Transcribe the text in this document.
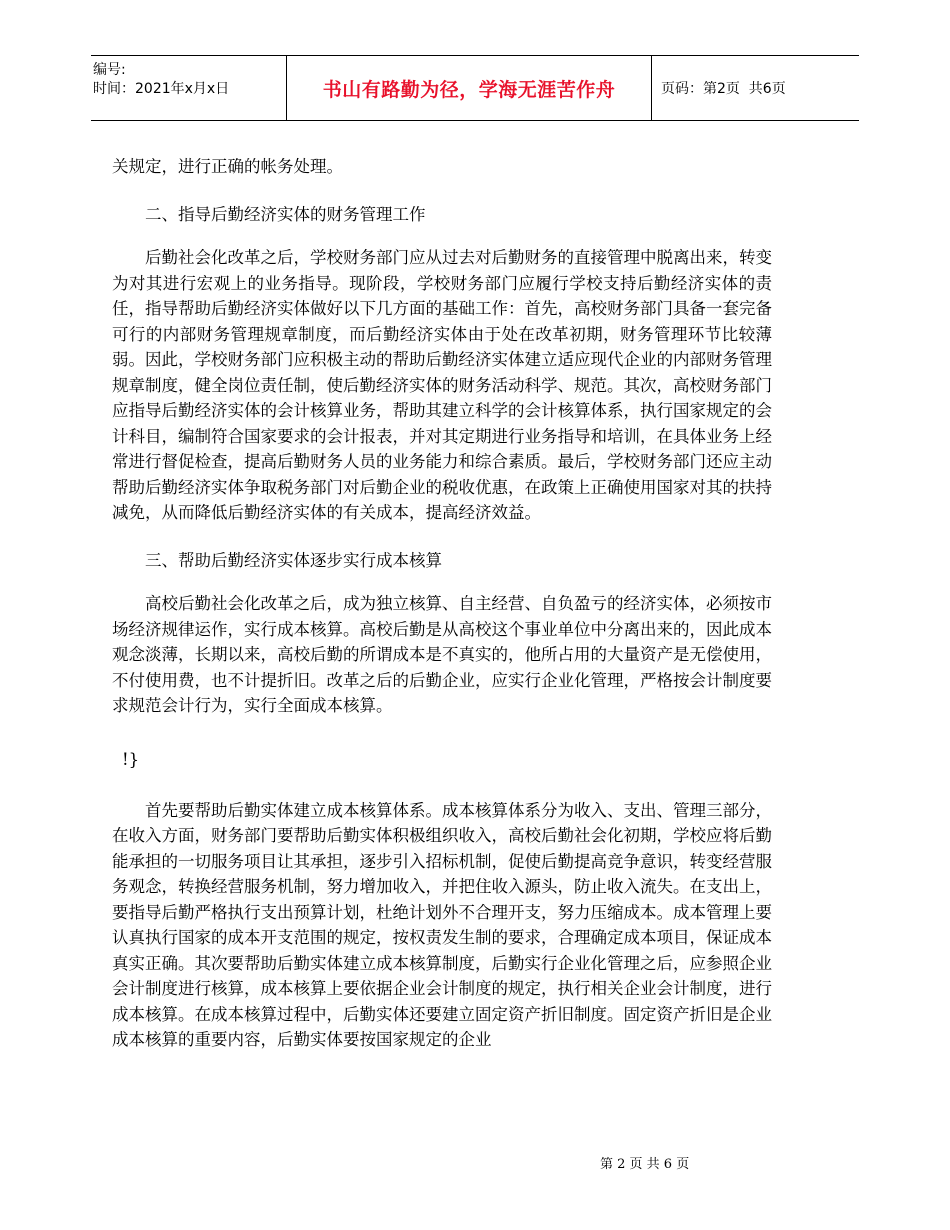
编号:
时间：2021年x月x日	书山有路勤为径，学海无涯苦作舟	页码：第2页  共6页

关规定，进行正确的帐务处理。

二、指导后勤经济实体的财务管理工作

后勤社会化改革之后，学校财务部门应从过去对后勤财务的直接管理中脱离出来，转变为对其进行宏观上的业务指导。现阶段，学校财务部门应履行学校支持后勤经济实体的责任，指导帮助后勤经济实体做好以下几方面的基础工作：首先，高校财务部门具备一套完备可行的内部财务管理规章制度，而后勤经济实体由于处在改革初期，财务管理环节比较薄弱。因此，学校财务部门应积极主动的帮助后勤经济实体建立适应现代企业的内部财务管理规章制度，健全岗位责任制，使后勤经济实体的财务活动科学、规范。其次，高校财务部门应指导后勤经济实体的会计核算业务，帮助其建立科学的会计核算体系，执行国家规定的会计科目，编制符合国家要求的会计报表，并对其定期进行业务指导和培训，在具体业务上经常进行督促检查，提高后勤财务人员的业务能力和综合素质。最后，学校财务部门还应主动帮助后勤经济实体争取税务部门对后勤企业的税收优惠，在政策上正确使用国家对其的扶持减免，从而降低后勤经济实体的有关成本，提高经济效益。

三、帮助后勤经济实体逐步实行成本核算

高校后勤社会化改革之后，成为独立核算、自主经营、自负盈亏的经济实体，必须按市场经济规律运作，实行成本核算。高校后勤是从高校这个事业单位中分离出来的，因此成本观念淡薄，长期以来，高校后勤的所谓成本是不真实的，他所占用的大量资产是无偿使用，不付使用费，也不计提折旧。改革之后的后勤企业，应实行企业化管理，严格按会计制度要求规范会计行为，实行全面成本核算。

!}

首先要帮助后勤实体建立成本核算体系。成本核算体系分为收入、支出、管理三部分，在收入方面，财务部门要帮助后勤实体积极组织收入，高校后勤社会化初期，学校应将后勤能承担的一切服务项目让其承担，逐步引入招标机制，促使后勤提高竞争意识，转变经营服务观念，转换经营服务机制，努力增加收入，并把住收入源头，防止收入流失。在支出上，要指导后勤严格执行支出预算计划，杜绝计划外不合理开支，努力压缩成本。成本管理上要认真执行国家的成本开支范围的规定，按权责发生制的要求，合理确定成本项目，保证成本真实正确。其次要帮助后勤实体建立成本核算制度，后勤实行企业化管理之后，应参照企业会计制度进行核算，成本核算上要依据企业会计制度的规定，执行相关企业会计制度，进行成本核算。在成本核算过程中，后勤实体还要建立固定资产折旧制度。固定资产折旧是企业成本核算的重要内容，后勤实体要按国家规定的企业

第 2 页 共 6 页
